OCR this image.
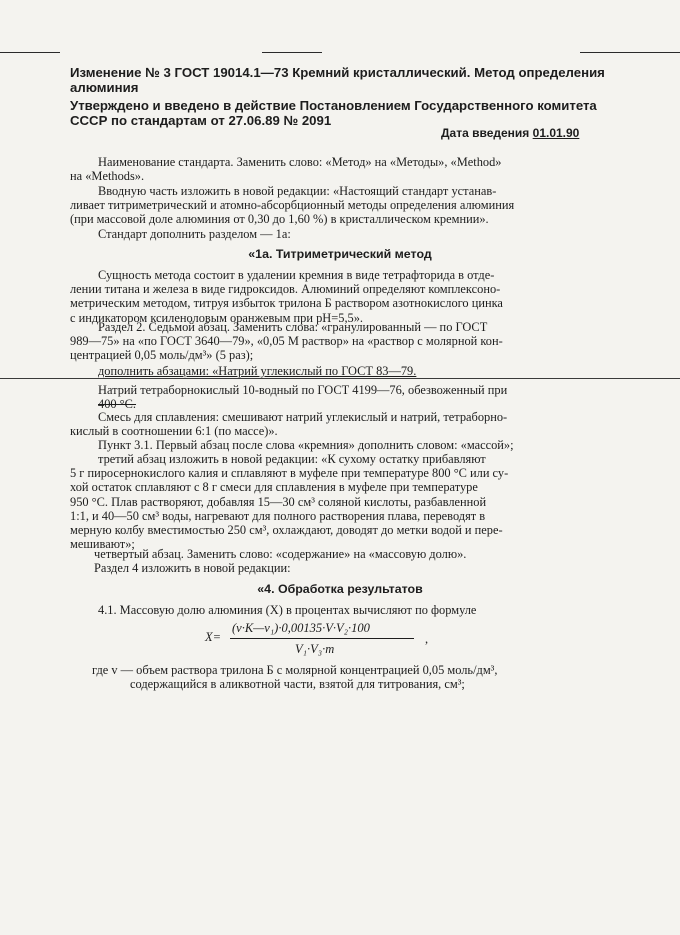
Изменение № 3 ГОСТ 19014.1—73 Кремний кристаллический. Метод определения
алюминия
Утверждено и введено в действие Постановлением Государственного комитета
СССР по стандартам от 27.06.89 № 2091
Дата введения 01.01.90
Наименование стандарта. Заменить слово: «Метод» на «Методы», «Method»
на «Methods».
Вводную часть изложить в новой редакции: «Настоящий стандарт устанав-
ливает титриметрический и атомно-абсорбционный методы определения алюминия
(при массовой доле алюминия от 0,30 до 1,60 %) в кристаллическом кремнии».
Стандарт дополнить разделом — 1а:
«1а. Титриметрический метод
Сущность метода состоит в удалении кремния в виде тетрафторида в отде-
лении титана и железа в виде гидроксидов. Алюминий определяют комплексоно-
метрическим методом, титруя избыток трилона Б раствором азотнокислого цинка
с индикатором ксиленоловым оранжевым при рН=5,5».
Раздел 2. Седьмой абзац. Заменить слова: «гранулированный — по ГОСТ
989—75» на «по ГОСТ 3640—79», «0,05 М раствор» на «раствор с молярной кон-
центрацией 0,05 моль/дм³» (5 раз);
дополнить абзацами: «Натрий углекислый по ГОСТ 83—79.
Натрий тетраборнокислый 10-водный по ГОСТ 4199—76, обезвоженный при
400 °С.
Смесь для сплавления: смешивают натрий углекислый и натрий, тетраборно-
кислый в соотношении 6:1 (по массе)».
Пункт 3.1. Первый абзац после слова «кремния» дополнить словом: «массой»;
третий абзац изложить в новой редакции: «К сухому остатку прибавляют
5 г пиросернокислого калия и сплавляют в муфеле при температуре 800 °С или су-
хой остаток сплавляют с 8 г смеси для сплавления в муфеле при температуре
950 °С. Плав растворяют, добавляя 15—30 см³ соляной кислоты, разбавленной
1:1, и 40—50 см³ воды, нагревают для полного растворения плава, переводят в
мерную колбу вместимостью 250 см³, охлаждают, доводят до метки водой и пере-
мешивают»;
четвертый абзац. Заменить слово: «содержание» на «массовую долю».
Раздел 4 изложить в новой редакции:
«4. Обработка результатов
4.1. Массовую долю алюминия (X) в процентах вычисляют по формуле
X=
(v·K—v₁)·0,00135·V·V₂·100
V₁·V₃·m
,
где v — объем раствора трилона Б с молярной концентрацией 0,05 моль/дм³,
содержащийся в аликвотной части, взятой для титрования, см³;
